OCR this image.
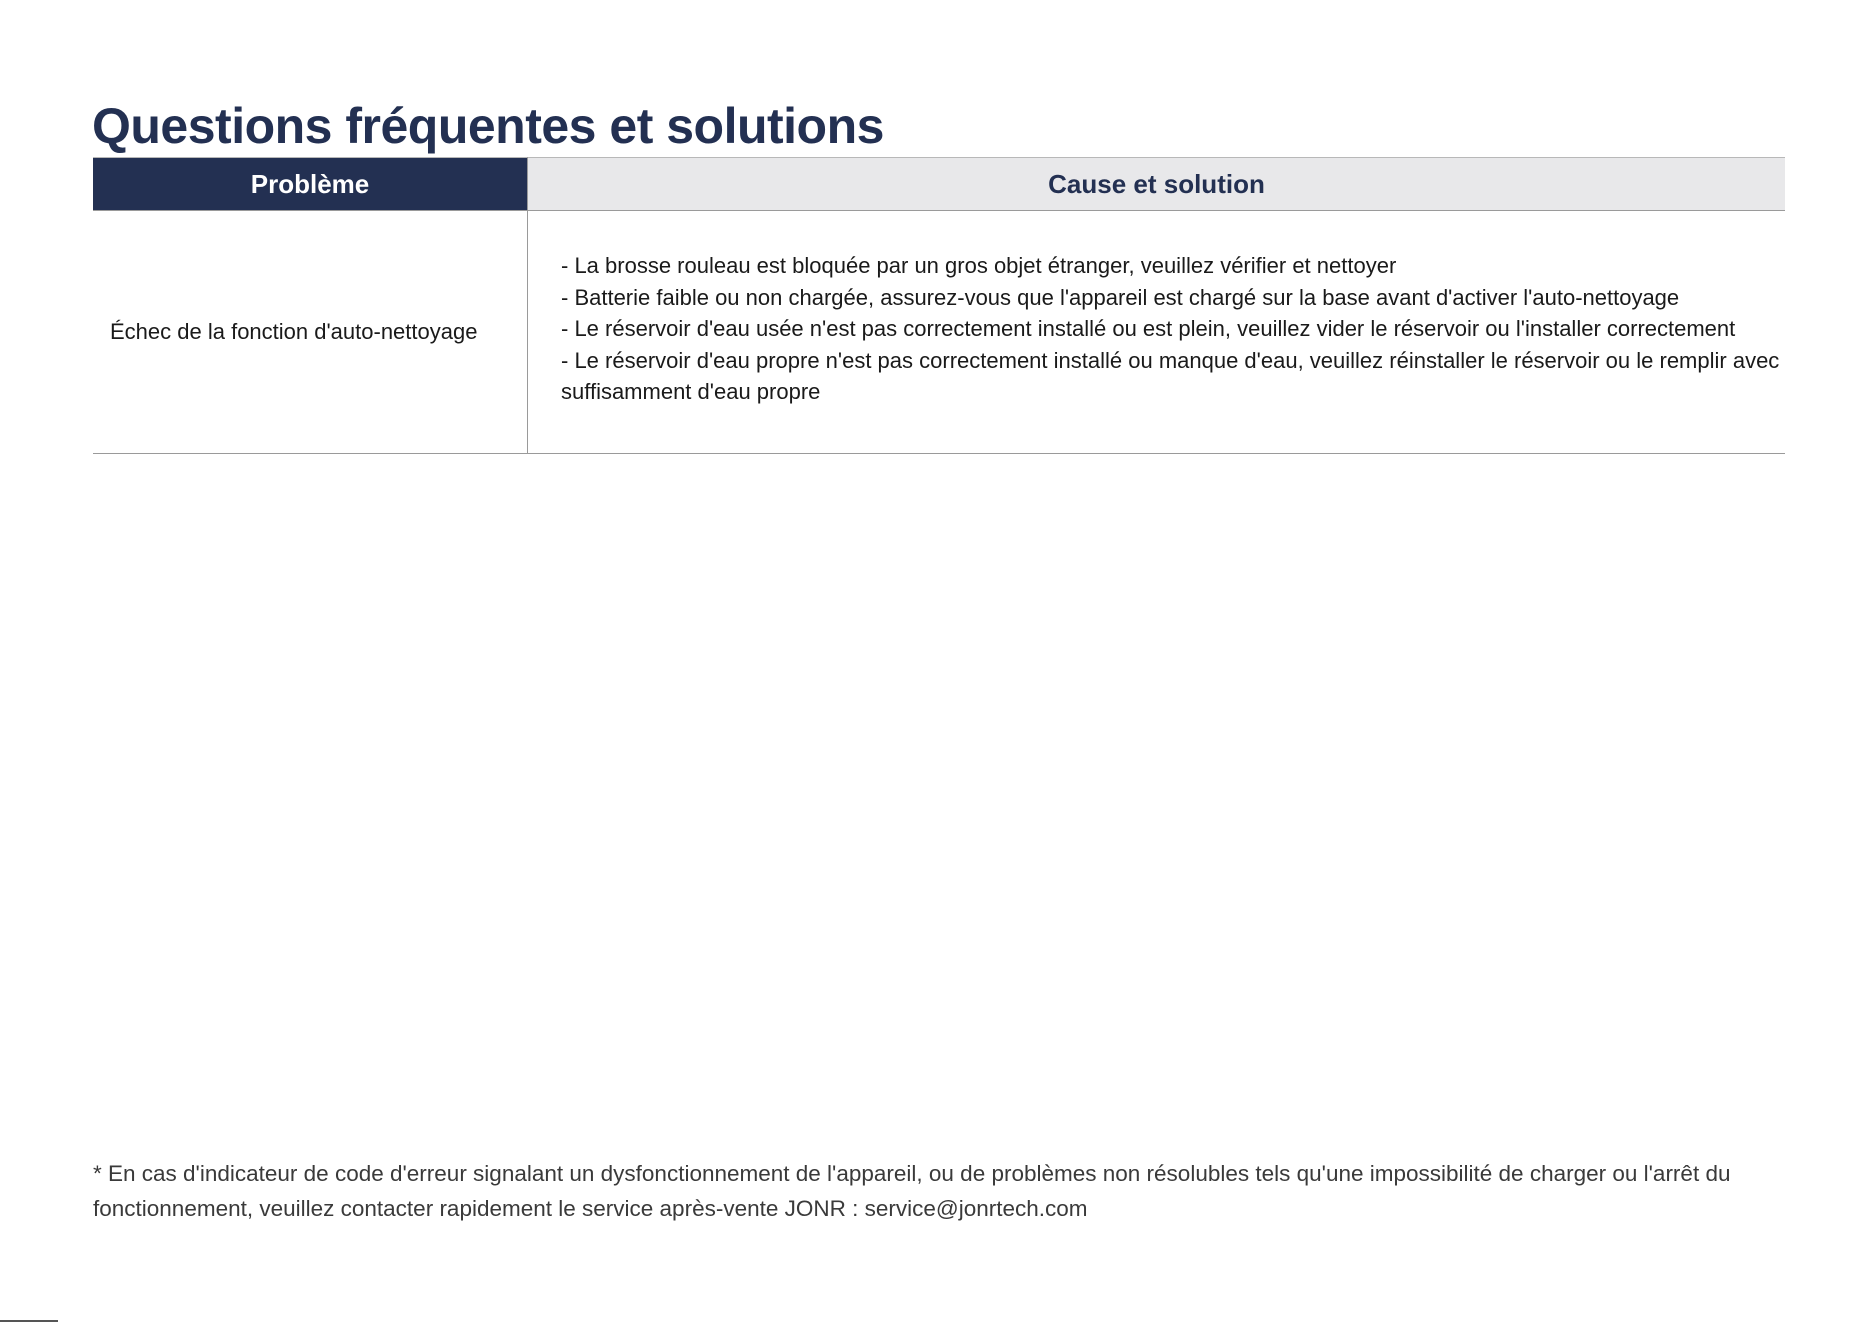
Questions fréquentes et solutions
Problème	Cause et solution
Échec de la fonction d'auto-nettoyage	- La brosse rouleau est bloquée par un gros objet étranger, veuillez vérifier et nettoyer
- Batterie faible ou non chargée, assurez-vous que l'appareil est chargé sur la base avant d'activer l'auto-nettoyage
- Le réservoir d'eau usée n'est pas correctement installé ou est plein, veuillez vider le réservoir ou l'installer correctement
- Le réservoir d'eau propre n'est pas correctement installé ou manque d'eau, veuillez réinstaller le réservoir ou le remplir avec suffisamment d'eau propre

* En cas d'indicateur de code d'erreur signalant un dysfonctionnement de l'appareil, ou de problèmes non résolubles tels qu'une impossibilité de charger ou l'arrêt du fonctionnement, veuillez contacter rapidement le service après-vente JONR : service@jonrtech.com
